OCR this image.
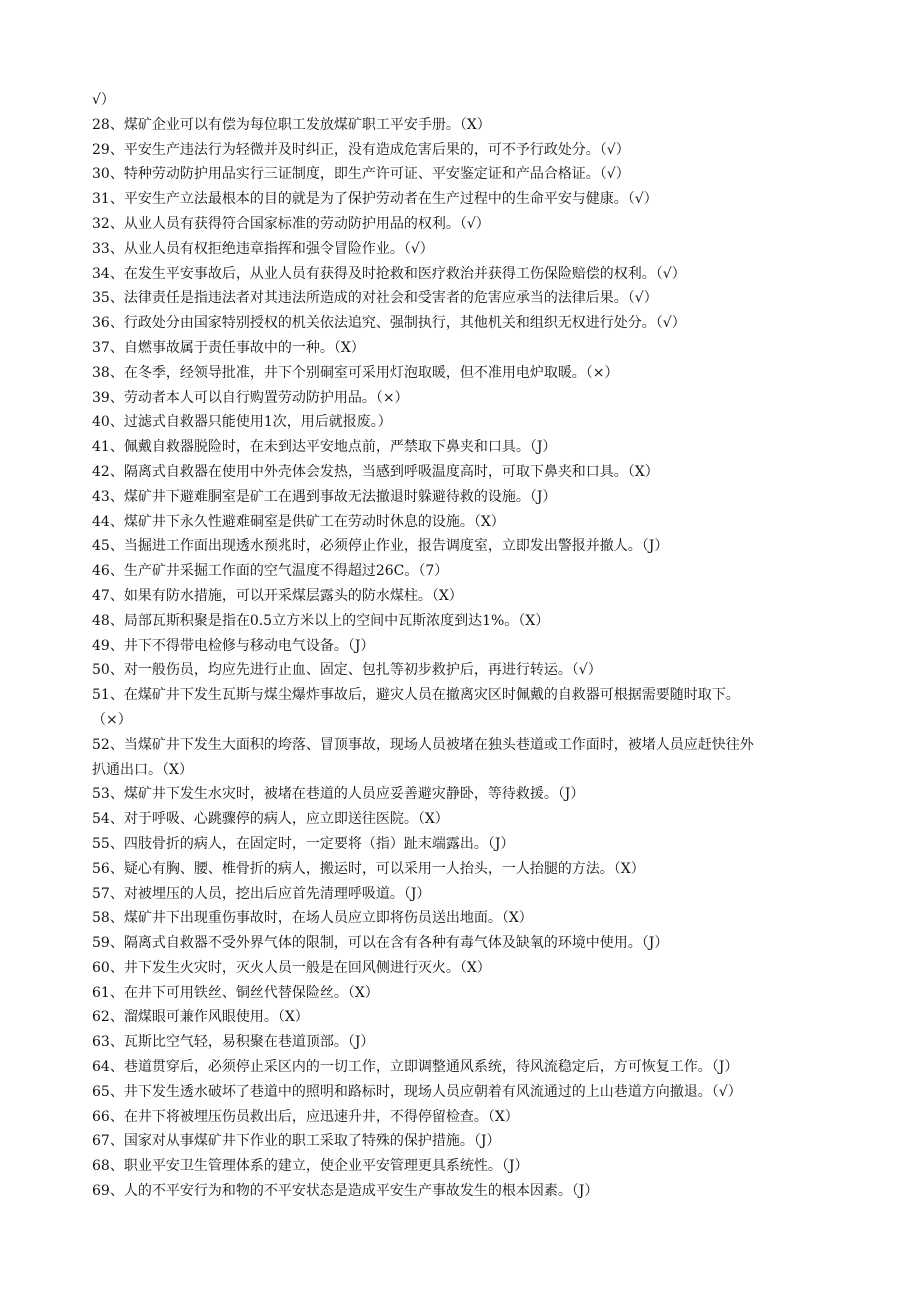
√）
28、煤矿企业可以有偿为每位职工发放煤矿职工平安手册。（X）
29、平安生产违法行为轻微并及时纠正，没有造成危害后果的，可不予行政处分。（√）
30、特种劳动防护用品实行三证制度，即生产许可证、平安鉴定证和产品合格证。（√）
31、平安生产立法最根本的目的就是为了保护劳动者在生产过程中的生命平安与健康。（√）
32、从业人员有获得符合国家标准的劳动防护用品的权利。（√）
33、从业人员有权拒绝违章指挥和强令冒险作业。（√）
34、在发生平安事故后，从业人员有获得及时抢救和医疗救治并获得工伤保险赔偿的权利。（√）
35、法律责任是指违法者对其违法所造成的对社会和受害者的危害应承当的法律后果。（√）
36、行政处分由国家特别授权的机关依法追究、强制执行，其他机关和组织无权进行处分。（√）
37、自燃事故属于责任事故中的一种。（X）
38、在冬季，经领导批准，井下个别硐室可采用灯泡取暖，但不准用电炉取暖。（×）
39、劳动者本人可以自行购置劳动防护用品。（×）
40、过滤式自救器只能使用1次，用后就报废。）
41、佩戴自救器脱险时，在未到达平安地点前，严禁取下鼻夹和口具。（J）
42、隔离式自救器在使用中外壳体会发热，当感到呼吸温度高时，可取下鼻夹和口具。（X）
43、煤矿井下避难胴室是矿工在遇到事故无法撤退时躲避待救的设施。（J）
44、煤矿井下永久性避难硐室是供矿工在劳动时休息的设施。（X）
45、当掘进工作面出现透水预兆时，必须停止作业，报告调度室，立即发出警报并撤人。（J）
46、生产矿井采掘工作面的空气温度不得超过26C。（7）
47、如果有防水措施，可以开采煤层露头的防水煤柱。（X）
48、局部瓦斯积聚是指在0.5立方米以上的空间中瓦斯浓度到达1%。（X）
49、井下不得带电检修与移动电气设备。（J）
50、对一般伤员，均应先进行止血、固定、包扎等初步救护后，再进行转运。（√）
51、在煤矿井下发生瓦斯与煤尘爆炸事故后，避灾人员在撤离灾区时佩戴的自救器可根据需要随时取下。
（×）
52、当煤矿井下发生大面积的垮落、冒顶事故，现场人员被堵在独头巷道或工作面时，被堵人员应赶快往外
扒通出口。（X）
53、煤矿井下发生水灾时，被堵在巷道的人员应妥善避灾静卧，等待救援。（J）
54、对于呼吸、心跳骤停的病人，应立即送往医院。（X）
55、四肢骨折的病人，在固定时，一定要将（指）趾末端露出。（J）
56、疑心有胸、腰、椎骨折的病人，搬运时，可以采用一人抬头，一人抬腿的方法。（X）
57、对被埋压的人员，挖出后应首先清理呼吸道。（J）
58、煤矿井下出现重伤事故时，在场人员应立即将伤员送出地面。（X）
59、隔离式自救器不受外界气体的限制，可以在含有各种有毒气体及缺氧的环境中使用。（J）
60、井下发生火灾时，灭火人员一般是在回风侧进行灭火。（X）
61、在井下可用铁丝、铜丝代替保险丝。（X）
62、溜煤眼可兼作风眼使用。（X）
63、瓦斯比空气轻，易积聚在巷道顶部。（J）
64、巷道贯穿后，必须停止采区内的一切工作，立即调整通风系统，待风流稳定后，方可恢复工作。（J）
65、井下发生透水破坏了巷道中的照明和路标时，现场人员应朝着有风流通过的上山巷道方向撤退。（√）
66、在井下将被埋压伤员救出后，应迅速升井，不得停留检查。（X）
67、国家对从事煤矿井下作业的职工采取了特殊的保护措施。（J）
68、职业平安卫生管理体系的建立，使企业平安管理更具系统性。（J）
69、人的不平安行为和物的不平安状态是造成平安生产事故发生的根本因素。（J）
